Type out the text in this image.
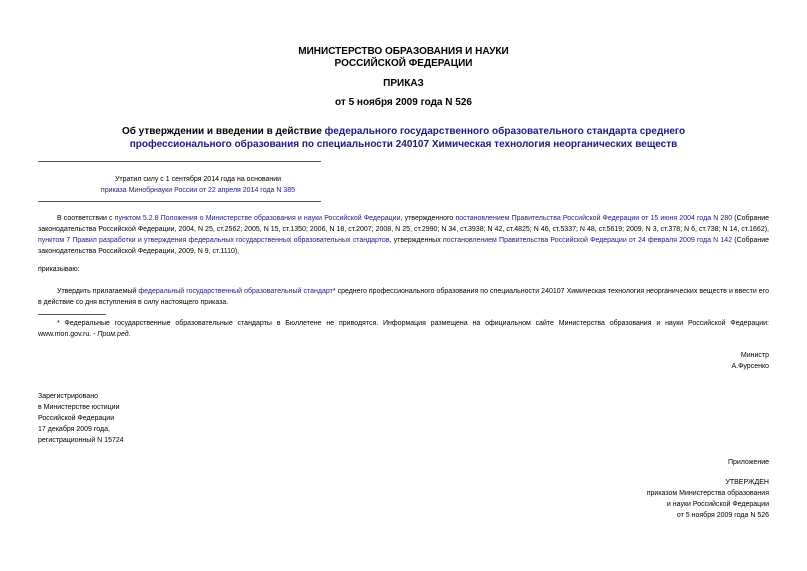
МИНИСТЕРСТВО ОБРАЗОВАНИЯ И НАУКИ
РОССИЙСКОЙ ФЕДЕРАЦИИ
ПРИКАЗ
от 5 ноября 2009 года N 526
Об утверждении и введении в действие федерального государственного образовательного стандарта среднего профессионального образования по специальности 240107 Химическая технология неорганических веществ
Утратил силу с 1 сентября 2014 года на основании
приказа Минобрнауки России от 22 апреля 2014 года N 385
В соответствии с пунктом 5.2.8 Положения о Министерстве образования и науки Российской Федерации, утвержденного постановлением Правительства Российской Федерации от 15 июня 2004 года N 280 (Собрание законодательства Российской Федерации, 2004, N 25, ст.2562; 2005, N 15, ст.1350; 2006, N 18, ст.2007; 2008, N 25, ст.2990; N 34, ст.3938; N 42, ст.4825; N 46, ст.5337; N 48, ст.5619; 2009, N 3, ст.378; N 6, ст.738; N 14, ст.1662), пунктом 7 Правил разработки и утверждения федеральных государственных образовательных стандартов, утвержденных постановлением Правительства Российской Федерации от 24 февраля 2009 года N 142 (Собрание законодательства Российской Федерации, 2009, N 9, ст.1110),
приказываю:
Утвердить прилагаемый федеральный государственный образовательный стандарт* среднего профессионального образования по специальности 240107 Химическая технология неорганических веществ и ввести его в действие со дня вступления в силу настоящего приказа.
* Федеральные государственные образовательные стандарты в Бюллетене не приводятся. Информация размещена на официальном сайте Министерства образования и науки Российской Федерации: www.mon.gov.ru. - Прим.ред.
Министр
А.Фурсенко
Зарегистрировано
в Министерстве юстиции
Российской Федерации
17 декабря 2009 года,
регистрационный N 15724
Приложение
УТВЕРЖДЕН
приказом Министерства образования
и науки Российской Федерации
от 5 ноября 2009 года N 526
